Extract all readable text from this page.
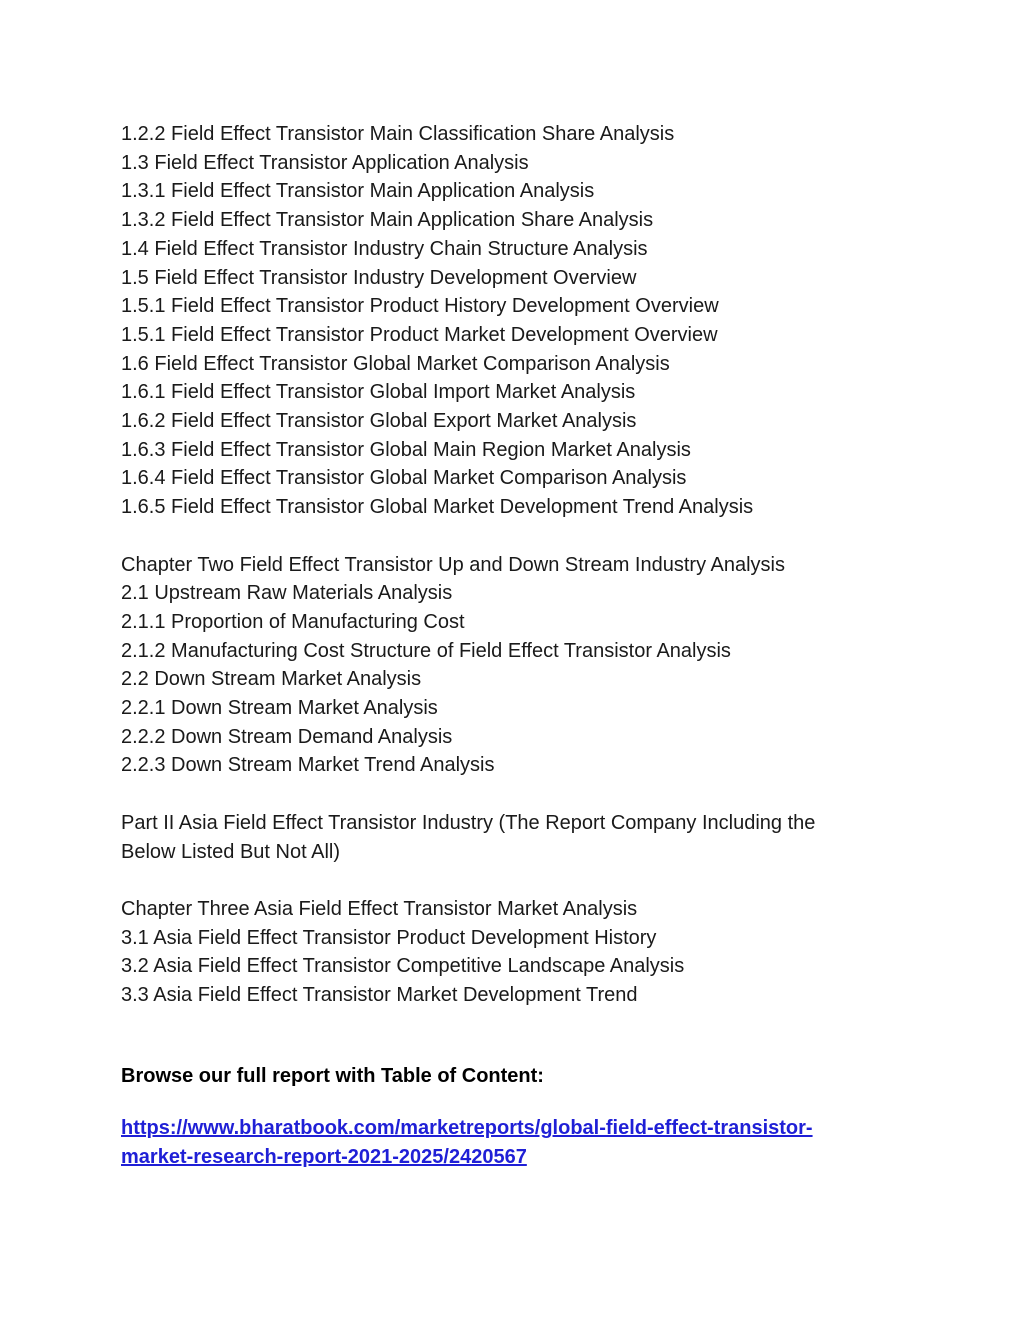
1.2.2 Field Effect Transistor Main Classification Share Analysis

1.3 Field Effect Transistor Application Analysis

1.3.1 Field Effect Transistor Main Application Analysis

1.3.2 Field Effect Transistor Main Application Share Analysis

1.4 Field Effect Transistor Industry Chain Structure Analysis

1.5 Field Effect Transistor Industry Development Overview

1.5.1 Field Effect Transistor Product History Development Overview

1.5.1 Field Effect Transistor Product Market Development Overview

1.6 Field Effect Transistor Global Market Comparison Analysis

1.6.1 Field Effect Transistor Global Import Market Analysis

1.6.2 Field Effect Transistor Global Export Market Analysis

1.6.3 Field Effect Transistor Global Main Region Market Analysis

1.6.4 Field Effect Transistor Global Market Comparison Analysis

1.6.5 Field Effect Transistor Global Market Development Trend Analysis

Chapter Two Field Effect Transistor Up and Down Stream Industry Analysis

2.1 Upstream Raw Materials Analysis

2.1.1 Proportion of Manufacturing Cost

2.1.2 Manufacturing Cost Structure of Field Effect Transistor Analysis

2.2 Down Stream Market Analysis

2.2.1 Down Stream Market Analysis

2.2.2 Down Stream Demand Analysis

2.2.3 Down Stream Market Trend Analysis

Part II Asia Field Effect Transistor Industry (The Report Company Including the

Below Listed But Not All)

Chapter Three Asia Field Effect Transistor Market Analysis

3.1 Asia Field Effect Transistor Product Development History

3.2 Asia Field Effect Transistor Competitive Landscape Analysis

3.3 Asia Field Effect Transistor Market Development Trend

Browse our full report with Table of Content:

https://www.bharatbook.com/marketreports/global-field-effect-transistor-
market-research-report-2021-2025/2420567
